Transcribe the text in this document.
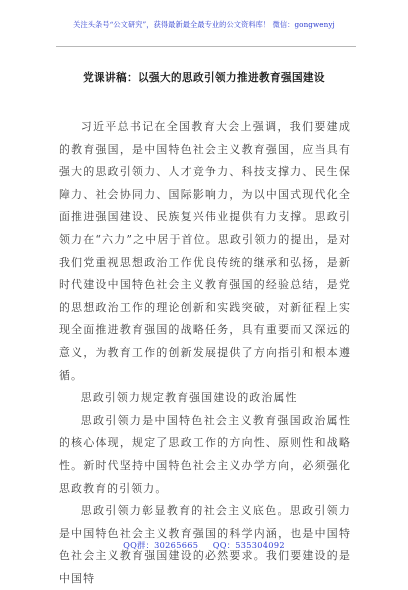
关注头条号“公文研究”，获得最新最全最专业的公文资料库！ 微信：gongwenyj
党课讲稿：以强大的思政引领力推进教育强国建设

习近平总书记在全国教育大会上强调，我们要建成的教育强国，是中国特色社会主义教育强国，应当具有强大的思政引领力、人才竞争力、科技支撑力、民生保障力、社会协同力、国际影响力，为以中国式现代化全面推进强国建设、民族复兴伟业提供有力支撑。思政引领力在“六力”之中居于首位。思政引领力的提出，是对我们党重视思想政治工作优良传统的继承和弘扬，是新时代建设中国特色社会主义教育强国的经验总结，是党的思想政治工作的理论创新和实践突破，对新征程上实现全面推进教育强国的战略任务，具有重要而又深远的意义，为教育工作的创新发展提供了方向指引和根本遵循。

思政引领力规定教育强国建设的政治属性

思政引领力是中国特色社会主义教育强国政治属性的核心体现，规定了思政工作的方向性、原则性和战略性。新时代坚持中国特色社会主义办学方向，必须强化思政教育的引领力。

思政引领力彰显教育的社会主义底色。思政引领力是中国特色社会主义教育强国的科学内涵，也是中国特色社会主义教育强国建设的必然要求。我们要建设的是中国特

QQ群：30265665     QQ：535304092
